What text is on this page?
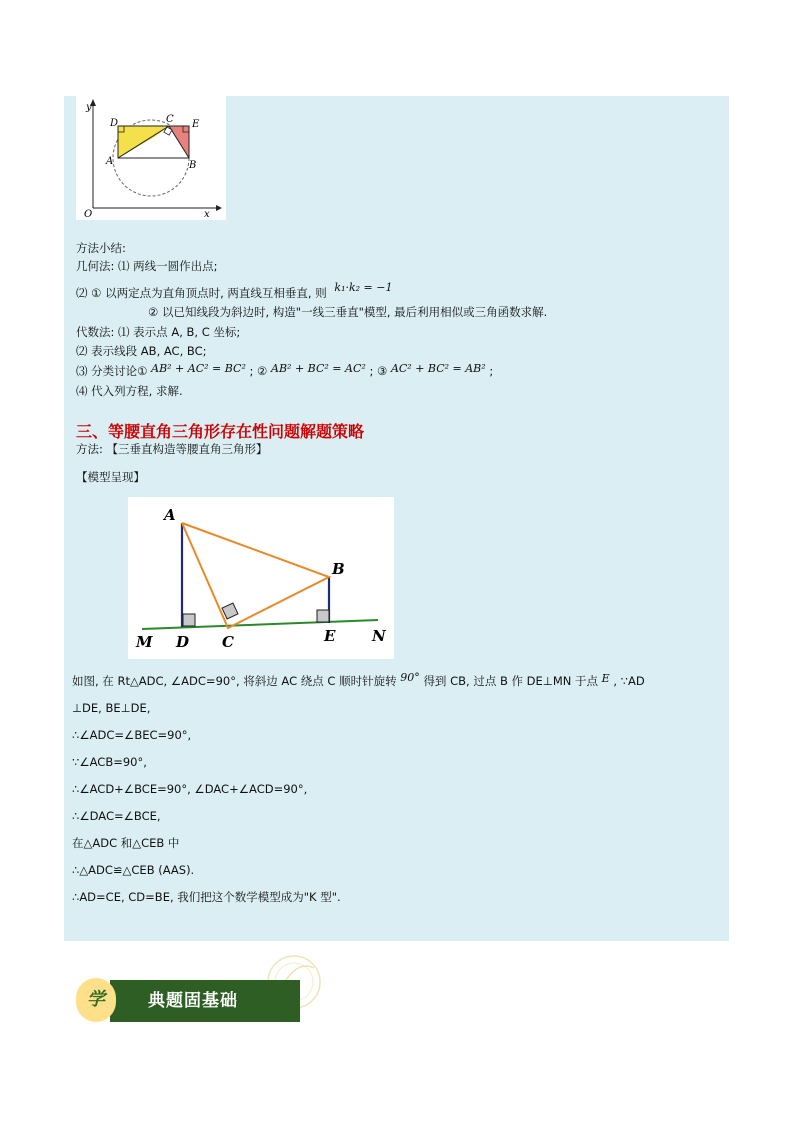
y
x
O
A	B
C
D	E
方法小结:
几何法: ⑴ 两线一圆作出点;
⑵ ① 以两定点为直角顶点时, 两直线互相垂直, 则 k₁·k₂ = −1
② 以已知线段为斜边时, 构造"一线三垂直"模型, 最后利用相似或三角函数求解.
代数法: ⑴ 表示点 A, B, C 坐标;
⑵ 表示线段 AB, AC, BC;
⑶ 分类讨论① AB² + AC² = BC² ; ② AB² + BC² = AC² ; ③ AC² + BC² = AB² ;
⑷ 代入列方程, 求解.
三、等腰直角三角形存在性问题解题策略
方法: 【三垂直构造等腰直角三角形】
【模型呈现】
A
B
C
D	E
M	N
如图, 在 Rt△ADC, ∠ADC=90°, 将斜边 AC 绕点 C 顺时针旋转 90° 得到 CB, 过点 B 作 DE⊥MN 于点 E , ∵AD
⊥DE, BE⊥DE,
∴∠ADC=∠BEC=90°,
∵∠ACB=90°,
∴∠ACD+∠BCE=90°, ∠DAC+∠ACD=90°,
∴∠DAC=∠BCE,
在△ADC 和△CEB 中
∴△ADC≌△CEB (AAS).
∴AD=CE, CD=BE, 我们把这个数学模型成为"K 型".
典题固基础
学
